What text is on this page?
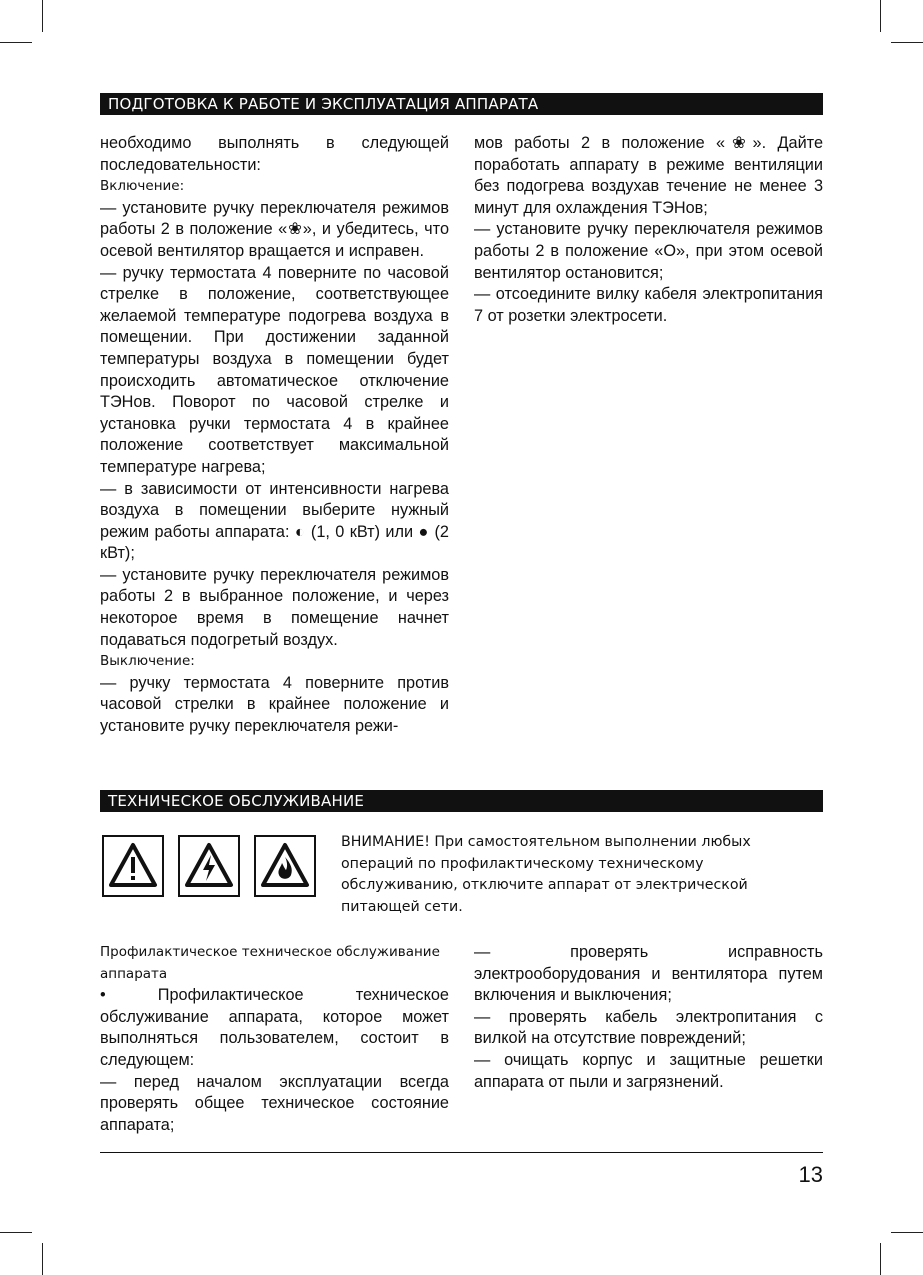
ПОДГОТОВКА К РАБОТЕ И ЭКСПЛУАТАЦИЯ АППАРАТА

необходимо выполнять в следующей последовательности:

Включение:

— установите ручку переключателя режимов работы 2 в положение «❀», и убедитесь, что осевой вентилятор вращается и исправен.

— ручку термостата 4 поверните по часовой стрелке в положение, соответствующее желаемой температуре подогрева воздуха в помещении. При достижении заданной температуры воздуха в помещении будет происходить автоматическое отключение ТЭНов. Поворот по часовой стрелке и установка ручки термостата 4 в крайнее положение соответствует максимальной температуре нагрева;

— в зависимости от интенсивности нагрева воздуха в помещении выберите нужный режим работы аппарата: ◐ (1, 0 кВт) или ● (2 кВт);

— установите ручку переключателя режимов работы 2 в выбранное положение, и через некоторое время в помещение начнет подаваться подогретый воздух.

Выключение:

— ручку термостата 4 поверните против часовой стрелки в крайнее положение и установите ручку переключателя режи-

мов работы 2 в положение «❀». Дайте поработать аппарату в режиме вентиляции без подогрева воздухав течение не менее 3 минут для охлаждения ТЭНов;

— установите ручку переключателя режимов работы 2 в положение «О», при этом осевой вентилятор остановится;

— отсоедините вилку кабеля электропитания 7 от розетки электросети.

ТЕХНИЧЕСКОЕ ОБСЛУЖИВАНИЕ
ВНИМАНИЕ! При самостоятельном выполнении любых операций по профилактическому техническому обслуживанию, отключите аппарат от электрической питающей сети.

Профилактическое техническое обслуживание аппарата

• Профилактическое техническое обслуживание аппарата, которое может выполняться пользователем, состоит в следующем:

— перед началом эксплуатации всегда проверять общее техническое состояние аппарата;

— проверять исправность электрооборудования и вентилятора путем включения и выключения;

— проверять кабель электропитания с вилкой на отсутствие повреждений;

— очищать корпус и защитные решетки аппарата от пыли и загрязнений.

13
